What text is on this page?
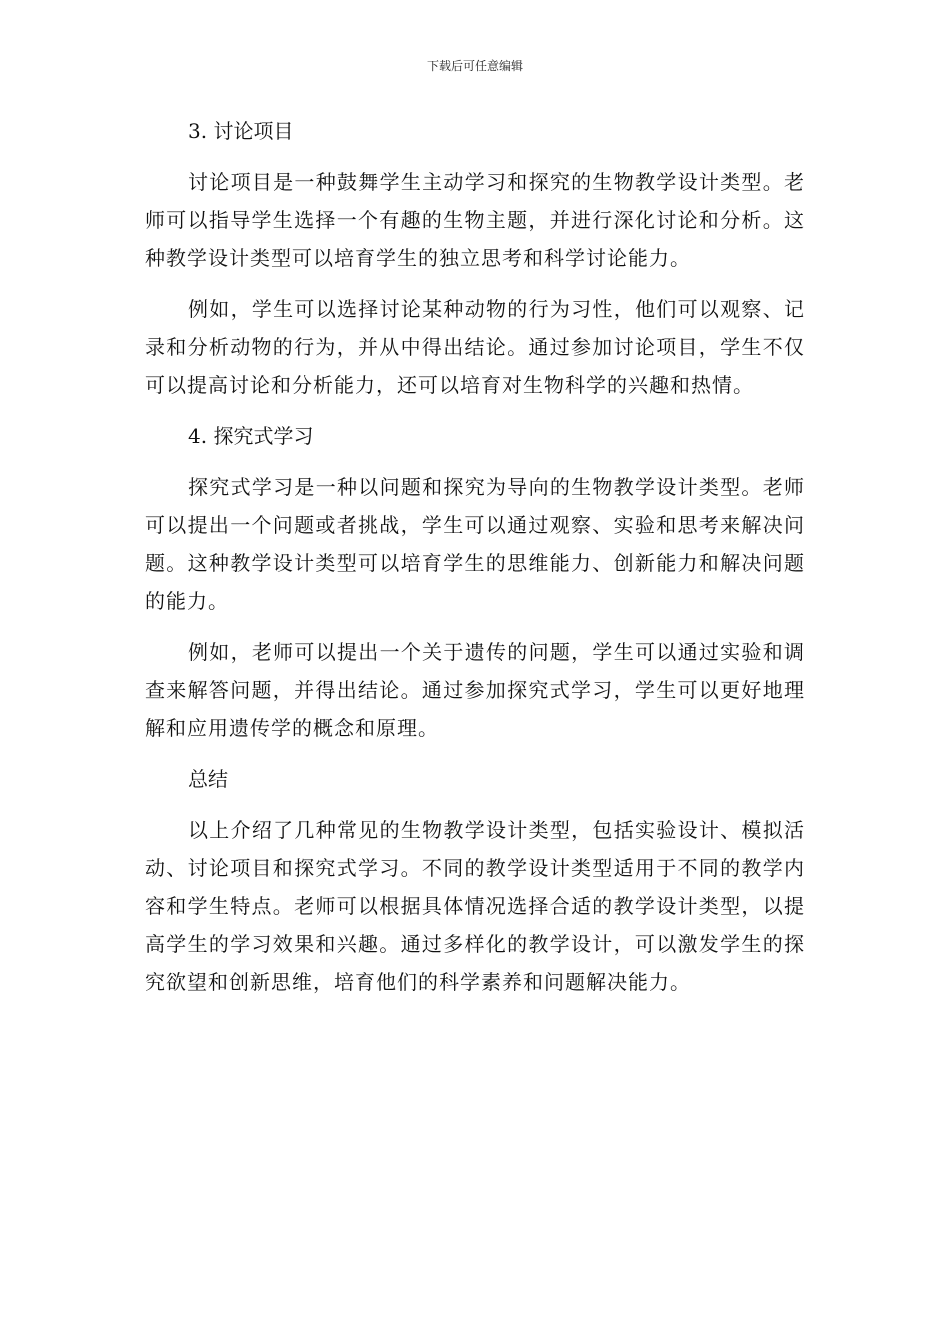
下载后可任意编辑
3. 讨论项目

讨论项目是一种鼓舞学生主动学习和探究的生物教学设计类型。老师可以指导学生选择一个有趣的生物主题，并进行深化讨论和分析。这种教学设计类型可以培育学生的独立思考和科学讨论能力。

例如，学生可以选择讨论某种动物的行为习性，他们可以观察、记录和分析动物的行为，并从中得出结论。通过参加讨论项目，学生不仅可以提高讨论和分析能力，还可以培育对生物科学的兴趣和热情。

4. 探究式学习

探究式学习是一种以问题和探究为导向的生物教学设计类型。老师可以提出一个问题或者挑战，学生可以通过观察、实验和思考来解决问题。这种教学设计类型可以培育学生的思维能力、创新能力和解决问题的能力。

例如，老师可以提出一个关于遗传的问题，学生可以通过实验和调查来解答问题，并得出结论。通过参加探究式学习，学生可以更好地理解和应用遗传学的概念和原理。

总结

以上介绍了几种常见的生物教学设计类型，包括实验设计、模拟活动、讨论项目和探究式学习。不同的教学设计类型适用于不同的教学内容和学生特点。老师可以根据具体情况选择合适的教学设计类型，以提高学生的学习效果和兴趣。通过多样化的教学设计，可以激发学生的探究欲望和创新思维，培育他们的科学素养和问题解决能力。
